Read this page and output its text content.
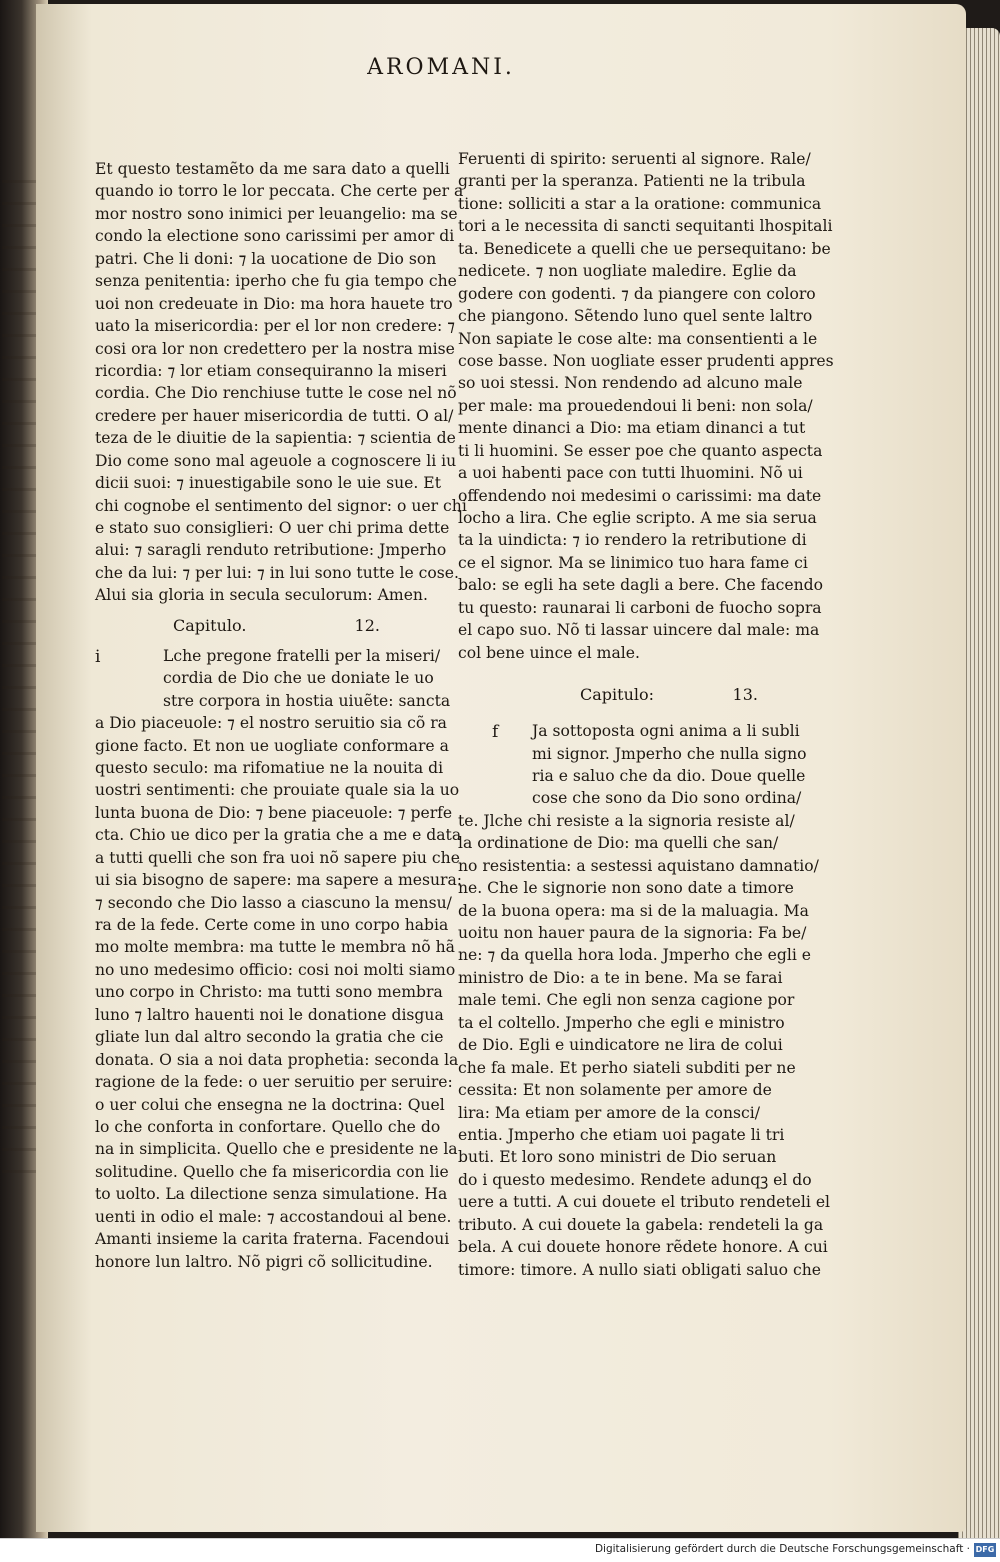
AROMANI.
Et questo testamẽto da me sara dato a quelli
quando io torro le lor peccata. Che certe per a
mor nostro sono inimici per leuangelio: ma se
condo la electione sono carissimi per amor di
patri. Che li doni: ⁊ la uocatione de Dio son
senza penitentia: iperho che fu gia tempo che
uoi non credeuate in Dio: ma hora hauete tro
uato la misericordia: per el lor non credere: ⁊
cosi ora lor non credettero per la nostra mise
ricordia: ⁊ lor etiam consequiranno la miseri
cordia. Che Dio renchiuse tutte le cose nel nõ
credere per hauer misericordia de tutti. O al/
teza de le diuitie de la sapientia: ⁊ scientia de
Dio come sono mal ageuole a cognoscere li iu
dicii suoi: ⁊ inuestigabile sono le uie sue. Et
chi cognobe el sentimento del signor: o uer chi
e stato suo consiglieri: O uer chi prima dette
alui: ⁊ saragli renduto retributione: Jmperho
che da lui: ⁊ per lui: ⁊ in lui sono tutte le cose.
Alui sia gloria in secula seculorum: Amen.
Capitulo.	12.
i	Lche pregone fratelli per la miseri/
cordia de Dio che ue doniate le uo
stre corpora in hostia uiuẽte: sancta
a Dio piaceuole: ⁊ el nostro seruitio sia cõ ra
gione facto. Et non ue uogliate conformare a
questo seculo: ma rifomatiue ne la nouita di
uostri sentimenti: che prouiate quale sia la uo
lunta buona de Dio: ⁊ bene piaceuole: ⁊ perfe
cta. Chio ue dico per la gratia che a me e data
a tutti quelli che son fra uoi nõ sapere piu che
ui sia bisogno de sapere: ma sapere a mesura:
⁊ secondo che Dio lasso a ciascuno la mensu/
ra de la fede. Certe come in uno corpo habia
mo molte membra: ma tutte le membra nõ hã
no uno medesimo officio: cosi noi molti siamo
uno corpo in Christo: ma tutti sono membra
luno ⁊ laltro hauenti noi le donatione disgua
gliate lun dal altro secondo la gratia che cie
donata. O sia a noi data prophetia: seconda la
ragione de la fede: o uer seruitio per seruire:
o uer colui che ensegna ne la doctrina: Quel
lo che conforta in confortare. Quello che do
na in simplicita. Quello che e presidente ne la
solitudine. Quello che fa misericordia con lie
to uolto. La dilectione senza simulatione. Ha
uenti in odio el male: ⁊ accostandoui al bene.
Amanti insieme la carita fraterna. Facendoui
honore lun laltro. Nõ pigri cõ sollicitudine.
Feruenti di spirito: seruenti al signore. Rale/
granti per la speranza. Patienti ne la tribula
tione: solliciti a star a la oratione: communica
tori a le necessita di sancti sequitanti lhospitali
ta. Benedicete a quelli che ue persequitano: be
nedicete. ⁊ non uogliate maledire. Eglie da
godere con godenti. ⁊ da piangere con coloro
che piangono. Sẽtendo luno quel sente laltro
Non sapiate le cose alte: ma consentienti a le
cose basse. Non uogliate esser prudenti appres
so uoi stessi. Non rendendo ad alcuno male
per male: ma prouedendoui li beni: non sola/
mente dinanci a Dio: ma etiam dinanci a tut
ti li huomini. Se esser poe che quanto aspecta
a uoi habenti pace con tutti lhuomini. Nõ ui
offendendo noi medesimi o carissimi: ma date
locho a lira. Che eglie scripto. A me sia serua
ta la uindicta: ⁊ io rendero la retributione di
ce el signor. Ma se linimico tuo hara fame ci
balo: se egli ha sete dagli a bere. Che facendo
tu questo: raunarai li carboni de fuocho sopra
el capo suo. Nõ ti lassar uincere dal male: ma
col bene uince el male.
Capitulo:	13.
f Ja sottoposta ogni anima a li subli
mi signor. Jmperho che nulla signo
ria e saluo che da dio. Doue quelle
cose che sono da Dio sono ordina/
te. Jlche chi resiste a la signoria resiste al/
la ordinatione de Dio: ma quelli che san/
no resistentia: a sestessi aquistano damnatio/
ne. Che le signorie non sono date a timore
de la buona opera: ma si de la maluagia. Ma
uoitu non hauer paura de la signoria: Fa be/
ne: ⁊ da quella hora loda. Jmperho che egli e
ministro de Dio: a te in bene. Ma se farai
male temi. Che egli non senza cagione por
ta el coltello. Jmperho che egli e ministro
de Dio. Egli e uindicatore ne lira de colui
che fa male. Et perho siateli subditi per ne
cessita: Et non solamente per amore de
lira: Ma etiam per amore de la consci/
entia. Jmperho che etiam uoi pagate li tri
buti. Et loro sono ministri de Dio seruan
do i questo medesimo. Rendete adunqꝫ el do
uere a tutti. A cui douete el tributo rendeteli el
tributo. A cui douete la gabela: rendeteli la ga
bela. A cui douete honore rẽdete honore. A cui
timore: timore. A nullo siati obligati saluo che
Digitalisierung gefördert durch die Deutsche Forschungsgemeinschaft · DFG
